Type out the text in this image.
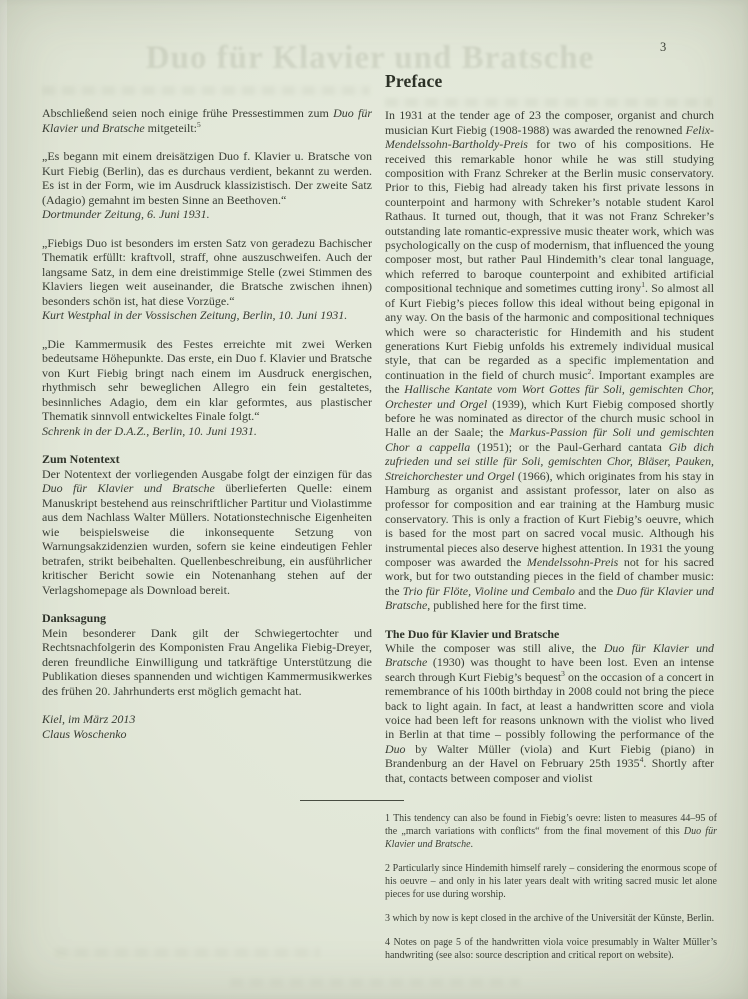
Duo für Klavier und Bratsche	3

Abschließend seien noch einige frühe Pressestimmen zum Duo für Klavier und Bratsche mitgeteilt:$^5$

„Es begann mit einem dreisätzigen Duo f. Klavier u. Bratsche von Kurt Fiebig (Berlin), das es durchaus verdient, bekannt zu werden. Es ist in der Form, wie im Ausdruck klassizistisch. Der zweite Satz (Adagio) gemahnt im besten Sinne an Beethoven.“

Dortmunder Zeitung, 6. Juni 1931.

„Fiebigs Duo ist besonders im ersten Satz von geradezu Bachischer Thematik erfüllt: kraftvoll, straff, ohne auszuschweifen. Auch der langsame Satz, in dem eine dreistimmige Stelle (zwei Stimmen des Klaviers liegen weit auseinander, die Bratsche zwischen ihnen) besonders schön ist, hat diese Vorzüge.“

Kurt Westphal in der Vossischen Zeitung, Berlin, 10. Juni 1931.

„Die Kammermusik des Festes erreichte mit zwei Werken bedeutsame Höhepunkte. Das erste, ein Duo f. Klavier und Bratsche von Kurt Fiebig bringt nach einem im Ausdruck energischen, rhythmisch sehr beweglichen Allegro ein fein gestaltetes, besinnliches Adagio, dem ein klar geformtes, aus plastischer Thematik sinnvoll entwickeltes Finale folgt.“

Schrenk in der D.A.Z., Berlin, 10. Juni 1931.

Zum Notentext

Der Notentext der vorliegenden Ausgabe folgt der einzigen für das Duo für Klavier und Bratsche überlieferten Quelle: einem Manuskript bestehend aus reinschriftlicher Partitur und Violastimme aus dem Nachlass Walter Müllers. Notationstechnische Eigenheiten wie beispielsweise die inkonsequente Setzung von Warnungsakzidenzien wurden, sofern sie keine eindeutigen Fehler betrafen, strikt beibehalten. Quellenbeschreibung, ein ausführlicher kritischer Bericht sowie ein Notenanhang stehen auf der Verlagshomepage als Download bereit.

Danksagung

Mein besonderer Dank gilt der Schwiegertochter und Rechtsnachfolgerin des Komponisten Frau Angelika Fiebig-Dreyer, deren freundliche Einwilligung und tatkräftige Unterstützung die Publikation dieses spannenden und wichtigen Kammermusikwerkes des frühen 20. Jahrhunderts erst möglich gemacht hat.

Kiel, im März 2013
Claus Woschenko

Preface

In 1931 at the tender age of 23 the composer, organist and church musician Kurt Fiebig (1908-1988) was awarded the renowned Felix-Mendelssohn-Bartholdy-Preis for two of his compositions. He received this remarkable honor while he was still studying composition with Franz Schreker at the Berlin music conservatory. Prior to this, Fiebig had already taken his first private lessons in counterpoint and harmony with Schreker’s notable student Karol Rathaus. It turned out, though, that it was not Franz Schreker’s outstanding late romantic-expressive music theater work, which was psychologically on the cusp of modernism, that influenced the young composer most, but rather Paul Hindemith’s clear tonal language, which referred to baroque counterpoint and exhibited artificial compositional technique and sometimes cutting irony$^1$. So almost all of Kurt Fiebig’s pieces follow this ideal without being epigonal in any way. On the basis of the harmonic and compositional techniques which were so characteristic for Hindemith and his student generations Kurt Fiebig unfolds his extremely individual musical style, that can be regarded as a specific implementation and continuation in the field of church music$^2$. Important examples are the Hallische Kantate vom Wort Gottes für Soli, gemischten Chor, Orchester und Orgel (1939), which Kurt Fiebig composed shortly before he was nominated as director of the church music school in Halle an der Saale; the Markus-Passion für Soli und gemischten Chor a cappella (1951); or the Paul-Gerhard cantata Gib dich zufrieden und sei stille für Soli, gemischten Chor, Bläser, Pauken, Streichorchester und Orgel (1966), which originates from his stay in Hamburg as organist and assistant professor, later on also as professor for composition and ear training at the Hamburg music conservatory. This is only a fraction of Kurt Fiebig’s oeuvre, which is based for the most part on sacred vocal music. Although his instrumental pieces also deserve highest attention. In 1931 the young composer was awarded the Mendelssohn-Preis not for his sacred work, but for two outstanding pieces in the field of chamber music: the Trio für Flöte, Violine und Cembalo and the Duo für Klavier und Bratsche, published here for the first time.

The Duo für Klavier und Bratsche

While the composer was still alive, the Duo für Klavier und Bratsche (1930) was thought to have been lost. Even an intense search through Kurt Fiebig’s bequest$^3$ on the occasion of a concert in remembrance of his 100th birthday in 2008 could not bring the piece back to light again. In fact, at least a handwritten score and viola voice had been left for reasons unknown with the violist who lived in Berlin at that time – possibly following the performance of the Duo by Walter Müller (viola) and Kurt Fiebig (piano) in Brandenburg an der Havel on February 25th 1935$^4$. Shortly after that, contacts between composer and violist

1 This tendency can also be found in Fiebig’s oevre: listen to measures 44–95 of the „march variations with conflicts“ from the final movement of this Duo für Klavier und Bratsche.

2 Particularly since Hindemith himself rarely – considering the enormous scope of his oeuvre – and only in his later years dealt with writing sacred music let alone pieces for use during worship.

3 which by now is kept closed in the archive of the Universität der Künste, Berlin.

4 Notes on page 5 of the handwritten viola voice presumably in Walter Müller’s handwriting (see also: source description and critical report on website).
